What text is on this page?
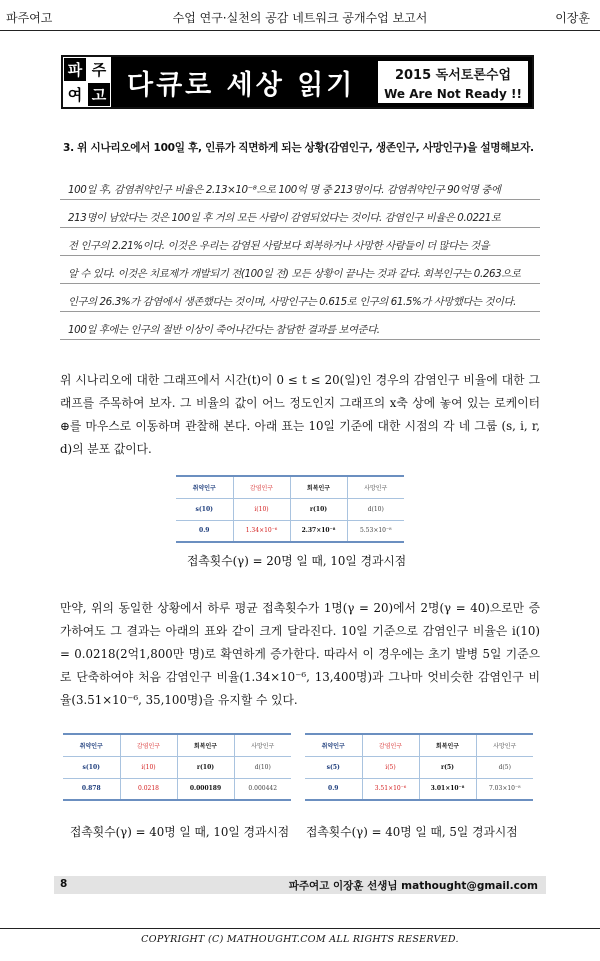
파주여고	수업 연구·실천의 공감 네트워크 공개수업 보고서	이장훈
파 주
여 고 다큐로 세상 읽기	2015 독서토론수업
We Are Not Ready !!
3. 위 시나리오에서 100일 후, 인류가 직면하게 되는 상황(감염인구, 생존인구, 사망인구)을 설명해보자.
100일 후, 감염취약인구 비율은 2.13×10⁻⁸으로 100억 명 중 213명이다. 감염취약인구 90억명 중에
213명이 남았다는 것은 100일 후 거의 모든 사람이 감염되었다는 것이다. 감염인구 비율은 0.0221로
전 인구의 2.21%이다. 이것은 우리는 감염된 사람보다 회복하거나 사망한 사람들이 더 많다는 것을
알 수 있다. 이것은 치료제가 개발되기 전(100일 전) 모든 상황이 끝나는 것과 같다. 회복인구는 0.263으로
인구의 26.3%가 감염에서 생존했다는 것이며, 사망인구는 0.615로 인구의 61.5%가 사망했다는 것이다.
100일 후에는 인구의 절반 이상이 죽어나간다는 참담한 결과를 보여준다.

위 시나리오에 대한 그래프에서 시간(t)이 0 ≤ t ≤ 20(일)인 경우의 감염인구 비율에 대한 그래프를 주목하여 보자. 그 비율의 값이 어느 정도인지 그래프의 x축 상에 놓여 있는 로케이터 ⊕를 마우스로 이동하며 관찰해 본다. 아래 표는 10일 기준에 대한 시점의 각 네 그룹 (s, i, r, d)의 분포 값이다.

취약인구	감염인구	회복인구	사망인구
s(10)	i(10)	r(10)	d(10)
0.9	1.34×10⁻⁶	2.37×10⁻⁸	5.53×10⁻⁸
접촉횟수(γ) = 20명 일 때, 10일 경과시점

만약, 위의 동일한 상황에서 하루 평균 접촉횟수가 1명(γ = 20)에서 2명(γ = 40)으로만 증가하여도 그 결과는 아래의 표와 같이 크게 달라진다. 10일 기준으로 감염인구 비율은 i(10) = 0.0218(2억1,800만 명)로 확연하게 증가한다. 따라서 이 경우에는 초기 발병 5일 기준으로 단축하여야 처음 감염인구 비율(1.34×10⁻⁶, 13,400명)과 그나마 엇비슷한 감염인구 비율(3.51×10⁻⁶, 35,100명)을 유지할 수 있다.

취약인구	감염인구	회복인구	사망인구
s(10)	i(10)	r(10)	d(10)
0.878	0.0218	0.000189	0.000442
취약인구	감염인구	회복인구	사망인구
s(5)	i(5)	r(5)	d(5)
0.9	3.51×10⁻⁶	3.01×10⁻⁸	7.03×10⁻⁸
접촉횟수(γ) = 40명 일 때, 10일 경과시점 접촉횟수(γ) = 40명 일 때, 5일 경과시점
8	파주여고 이장훈 선생님 mathought@gmail.com
COPYRIGHT (C) MATHOUGHT.COM ALL RIGHTS RESERVED.
